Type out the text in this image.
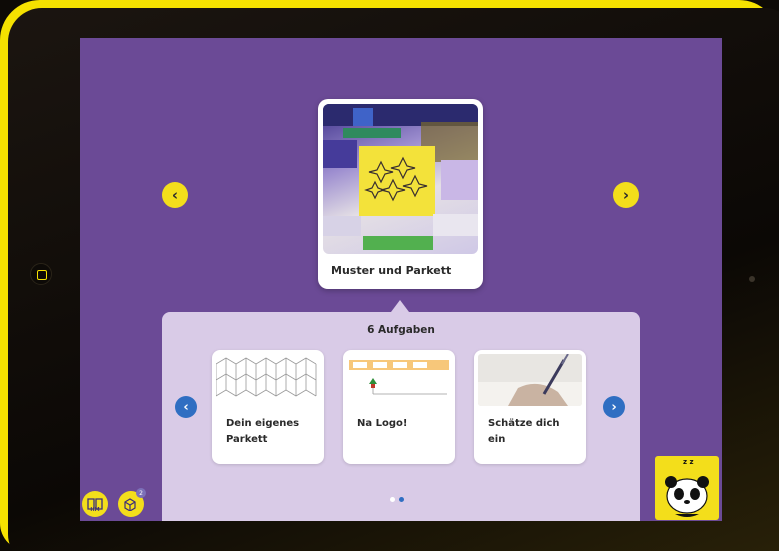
‹	›
Muster und Parkett
6 Aufgaben
‹	›
Dein eigenes Parkett
Na Logo!	Schätze dich ein
HM
2
z z
